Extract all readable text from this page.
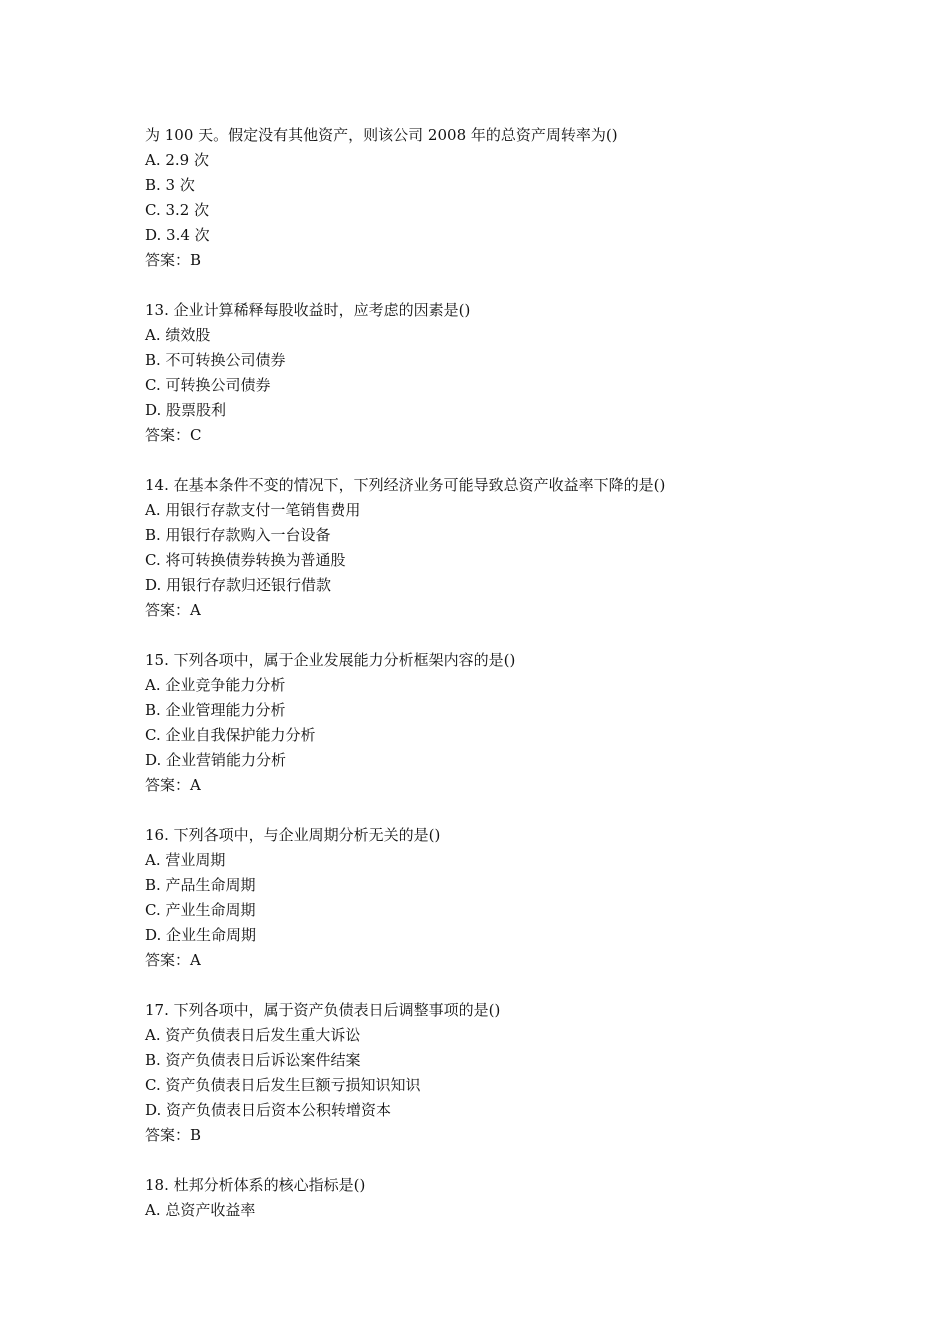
为 100 天。假定没有其他资产，则该公司 2008 年的总资产周转率为()
A. 2.9 次
B. 3 次
C. 3.2 次
D. 3.4 次
答案：B
13. 企业计算稀释每股收益时，应考虑的因素是()
A. 绩效股
B. 不可转换公司债券
C. 可转换公司债券
D. 股票股利
答案：C
14. 在基本条件不变的情况下，下列经济业务可能导致总资产收益率下降的是()
A. 用银行存款支付一笔销售费用
B. 用银行存款购入一台设备
C. 将可转换债券转换为普通股
D. 用银行存款归还银行借款
答案：A
15. 下列各项中，属于企业发展能力分析框架内容的是()
A. 企业竞争能力分析
B. 企业管理能力分析
C. 企业自我保护能力分析
D. 企业营销能力分析
答案：A
16. 下列各项中，与企业周期分析无关的是()
A. 营业周期
B. 产品生命周期
C. 产业生命周期
D. 企业生命周期
答案：A
17. 下列各项中，属于资产负债表日后调整事项的是()
A. 资产负债表日后发生重大诉讼
B. 资产负债表日后诉讼案件结案
C. 资产负债表日后发生巨额亏损知识知识
D. 资产负债表日后资本公积转增资本
答案：B
18. 杜邦分析体系的核心指标是()
A. 总资产收益率
